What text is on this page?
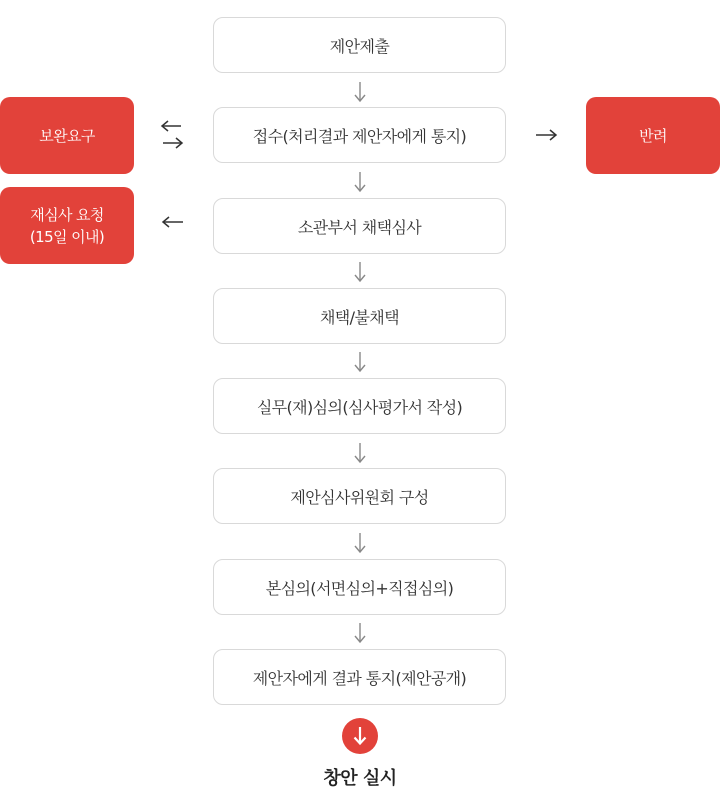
제안제출
접수(처리결과 제안자에게 통지)
소관부서 채택심사
채택/불채택
실무(재)심의(심사평가서 작성)
제안심사위원회 구성
본심의(서면심의+직접심의)
제안자에게 결과 통지(제안공개)
보완요구
재심사 요청
(15일 이내)
반려
창안 실시
